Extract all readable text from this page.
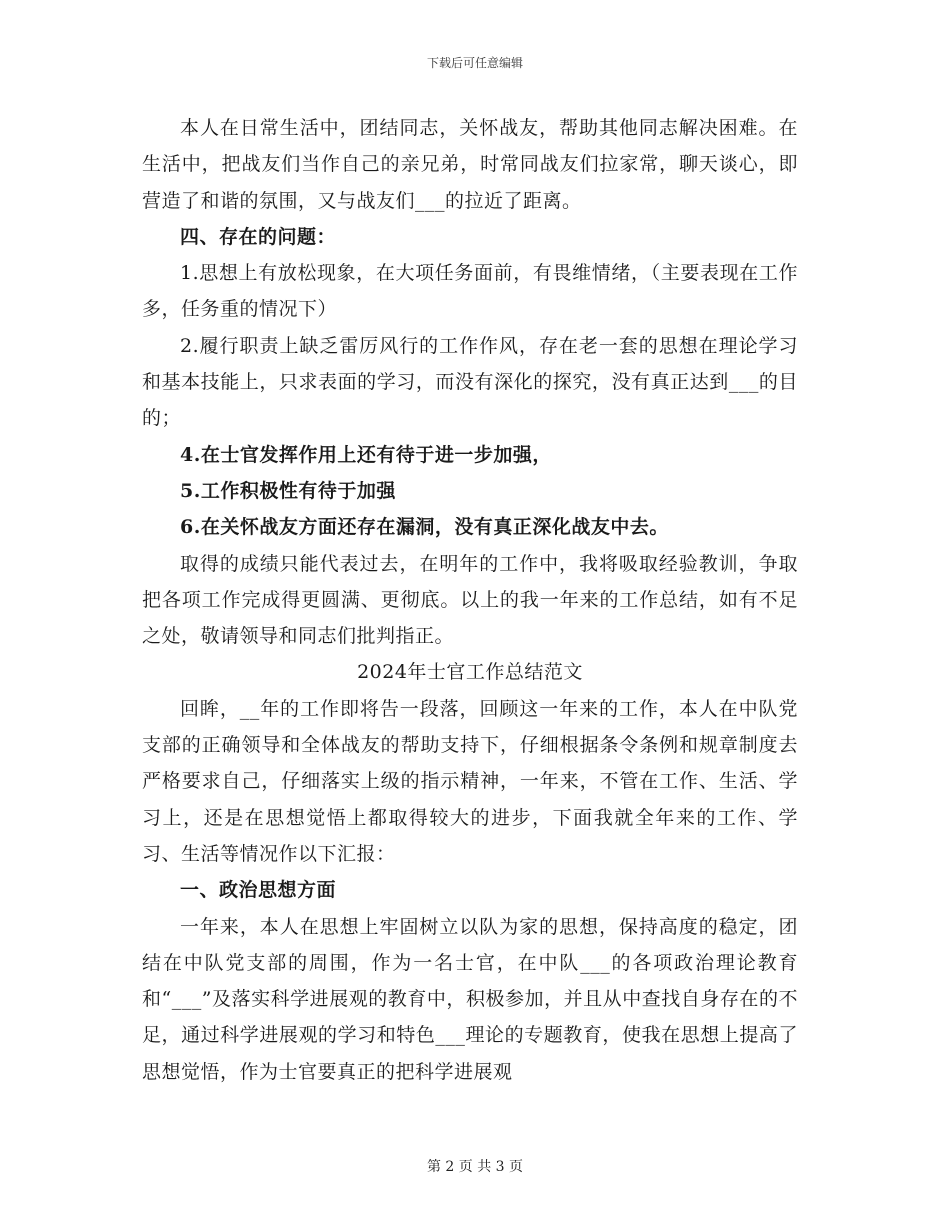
下载后可任意编辑

本人在日常生活中，团结同志，关怀战友，帮助其他同志解决困难。在生活中，把战友们当作自己的亲兄弟，时常同战友们拉家常，聊天谈心，即营造了和谐的氛围，又与战友们___的拉近了距离。

四、存在的问题：

1.思想上有放松现象，在大项任务面前，有畏维情绪，（主要表现在工作多，任务重的情况下）

2.履行职责上缺乏雷厉风行的工作作风，存在老一套的思想在理论学习和基本技能上，只求表面的学习，而没有深化的探究，没有真正达到___的目的；

4.在士官发挥作用上还有待于进一步加强，

5.工作积极性有待于加强

6.在关怀战友方面还存在漏洞，没有真正深化战友中去。

取得的成绩只能代表过去，在明年的工作中，我将吸取经验教训，争取把各项工作完成得更圆满、更彻底。以上的我一年来的工作总结，如有不足之处，敬请领导和同志们批判指正。

2024年士官工作总结范文

回眸，__年的工作即将告一段落，回顾这一年来的工作，本人在中队党支部的正确领导和全体战友的帮助支持下，仔细根据条令条例和规章制度去严格要求自己，仔细落实上级的指示精神，一年来，不管在工作、生活、学习上，还是在思想觉悟上都取得较大的进步，下面我就全年来的工作、学习、生活等情况作以下汇报：

一、政治思想方面

一年来，本人在思想上牢固树立以队为家的思想，保持高度的稳定，团结在中队党支部的周围，作为一名士官，在中队___的各项政治理论教育和“___”及落实科学进展观的教育中，积极参加，并且从中查找自身存在的不足，通过科学进展观的学习和特色___理论的专题教育，使我在思想上提高了思想觉悟，作为士官要真正的把科学进展观

第 2 页 共 3 页
